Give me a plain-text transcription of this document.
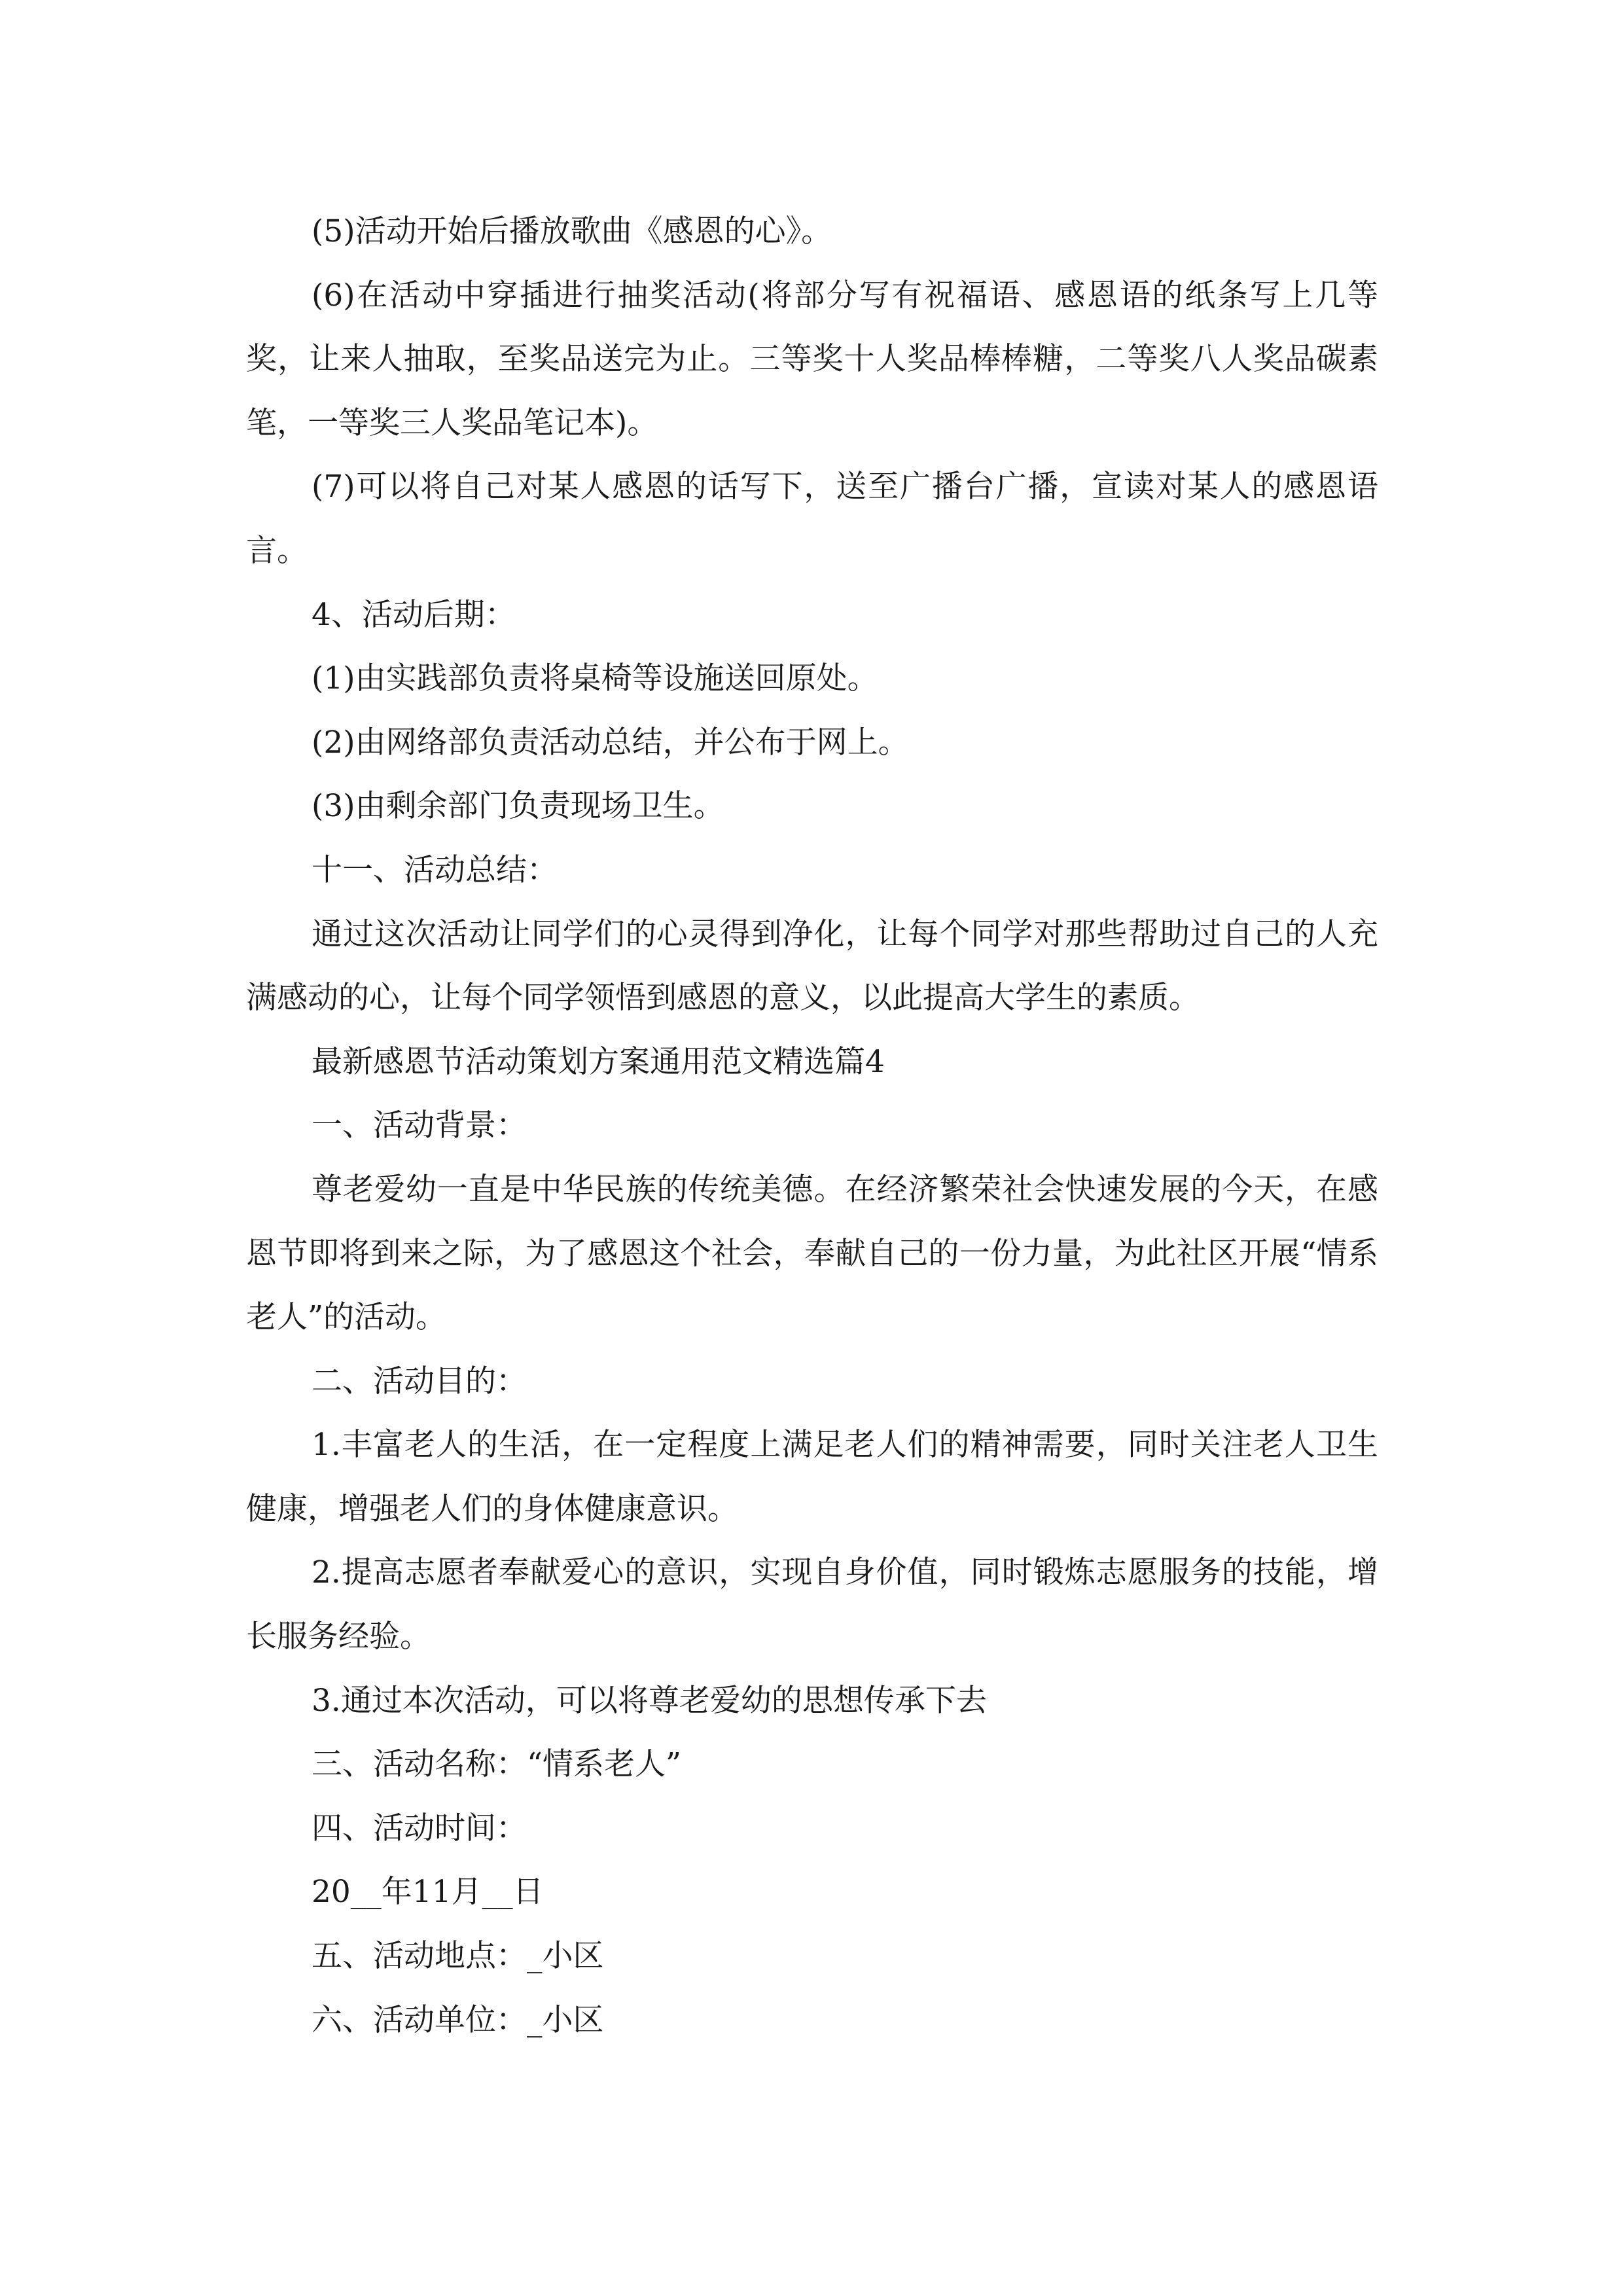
(5)活动开始后播放歌曲《感恩的心》。

(6)在活动中穿插进行抽奖活动(将部分写有祝福语、感恩语的纸条写上几等奖，让来人抽取，至奖品送完为止。三等奖十人奖品棒棒糖，二等奖八人奖品碳素笔，一等奖三人奖品笔记本)。

(7)可以将自己对某人感恩的话写下，送至广播台广播，宣读对某人的感恩语言。

4、活动后期：

(1)由实践部负责将桌椅等设施送回原处。

(2)由网络部负责活动总结，并公布于网上。

(3)由剩余部门负责现场卫生。

十一、活动总结：

通过这次活动让同学们的心灵得到净化，让每个同学对那些帮助过自己的人充满感动的心，让每个同学领悟到感恩的意义，以此提高大学生的素质。

最新感恩节活动策划方案通用范文精选篇4

一、活动背景：

尊老爱幼一直是中华民族的传统美德。在经济繁荣社会快速发展的今天，在感恩节即将到来之际，为了感恩这个社会，奉献自己的一份力量，为此社区开展“情系老人”的活动。

二、活动目的：

1.丰富老人的生活，在一定程度上满足老人们的精神需要，同时关注老人卫生健康，增强老人们的身体健康意识。

2.提高志愿者奉献爱心的意识，实现自身价值，同时锻炼志愿服务的技能，增长服务经验。

3.通过本次活动，可以将尊老爱幼的思想传承下去

三、活动名称：“情系老人”

四、活动时间：

20__年11月__日

五、活动地点：_小区

六、活动单位：_小区
